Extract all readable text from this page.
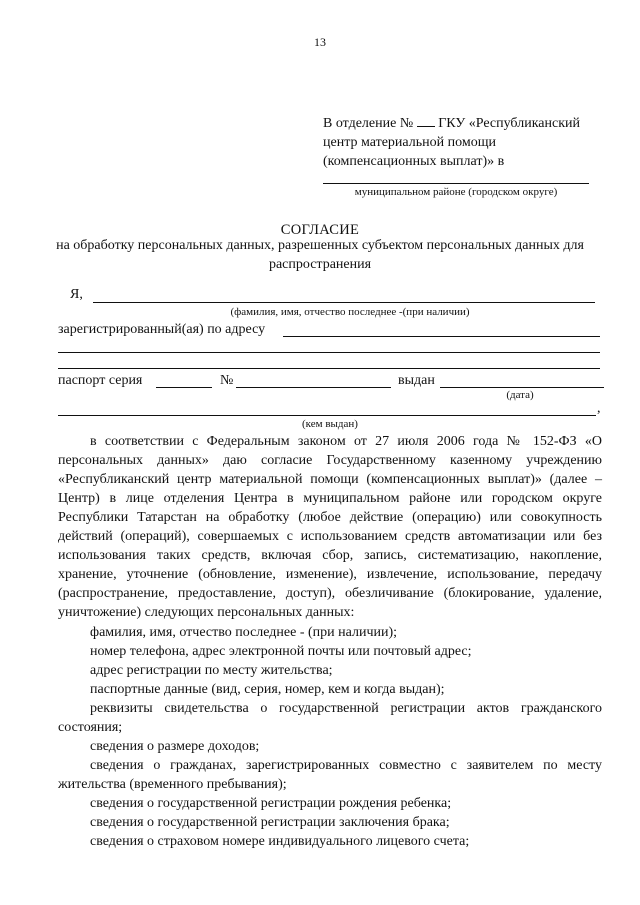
13
В отделение № ГКУ «Республиканский
центр материальной помощи
(компенсационных выплат)» в
муниципальном районе (городском округе)
СОГЛАСИЕ
на обработку персональных данных, разрешенных субъектом персональных данных для распространения
Я,
(фамилия, имя, отчество последнее -(при наличии)
зарегистрированный(ая) по адресу
паспорт серия	№	выдан
(дата)
,
(кем выдан)

в соответствии с Федеральным законом от 27 июля 2006 года № 152-ФЗ «О персональных данных» даю согласие Государственному казенному учреждению «Республиканский центр материальной помощи (компенсационных выплат)» (далее – Центр) в лице отделения Центра в муниципальном районе или городском округе Республики Татарстан на обработку (любое действие (операцию) или совокупность действий (операций), совершаемых с использованием средств автоматизации или без использования таких средств, включая сбор, запись, систематизацию, накопление, хранение, уточнение (обновление, изменение), извлечение, использование, передачу (распространение, предоставление, доступ), обезличивание (блокирование, удаление, уничтожение) следующих персональных данных:

фамилия, имя, отчество последнее - (при наличии);
номер телефона, адрес электронной почты или почтовый адрес;
адрес регистрации по месту жительства;
паспортные данные (вид, серия, номер, кем и когда выдан);
реквизиты свидетельства о государственной регистрации актов гражданского состояния;
сведения о размере доходов;
сведения о гражданах, зарегистрированных совместно с заявителем по месту жительства (временного пребывания);
сведения о государственной регистрации рождения ребенка;
сведения о государственной регистрации заключения брака;
сведения о страховом номере индивидуального лицевого счета;
